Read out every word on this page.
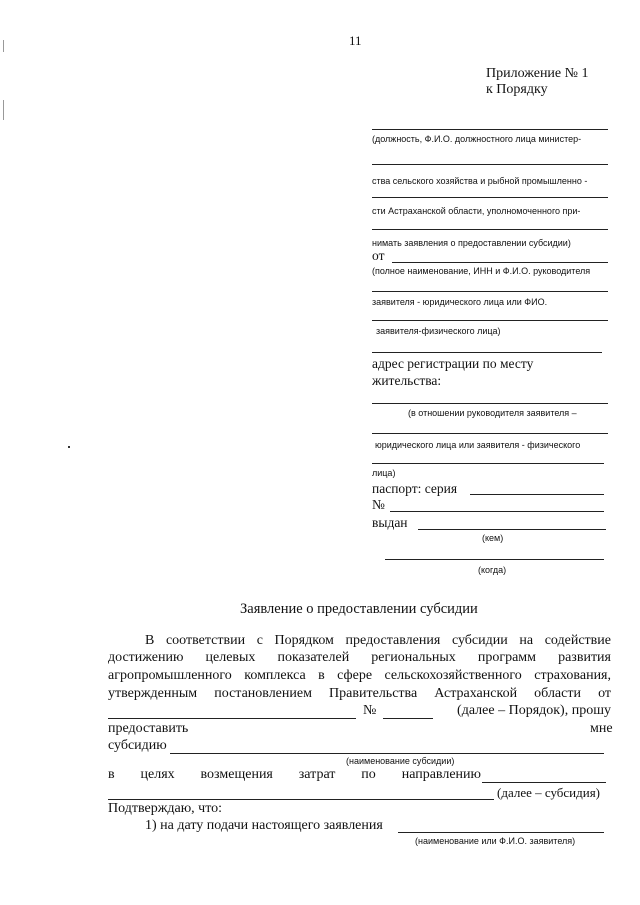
11
Приложение № 1
к Порядку
(должность, Ф.И.О. должностного лица министер-
ства сельского хозяйства и рыбной промышленно -
сти Астраханской области, уполномоченного при-
нимать заявления о предоставлении субсидии)
от
(полное наименование, ИНН и Ф.И.О. руководителя
заявителя - юридического лица или ФИО.
заявителя-физического лица)
адрес регистрации по месту
жительства:
(в отношении руководителя заявителя –
юридического лица или заявителя - физического
лица)
паспорт: серия
№
выдан
(кем)
(когда)
Заявление о предоставлении субсидии
В соответствии с Порядком предоставления субсидии на содействие
достижению целевых показателей региональных программ развития
агропромышленного комплекса в сфере сельскохозяйственного страхования,
утвержденным постановлением Правительства Астраханской области от
№	(далее – Порядок), прошу
предоставить	мне
субсидию
(наименование субсидии)
в целях возмещения затрат по направлению
(далее – субсидия)
Подтверждаю, что:
1) на дату подачи настоящего заявления
(наименование или Ф.И.О. заявителя)
